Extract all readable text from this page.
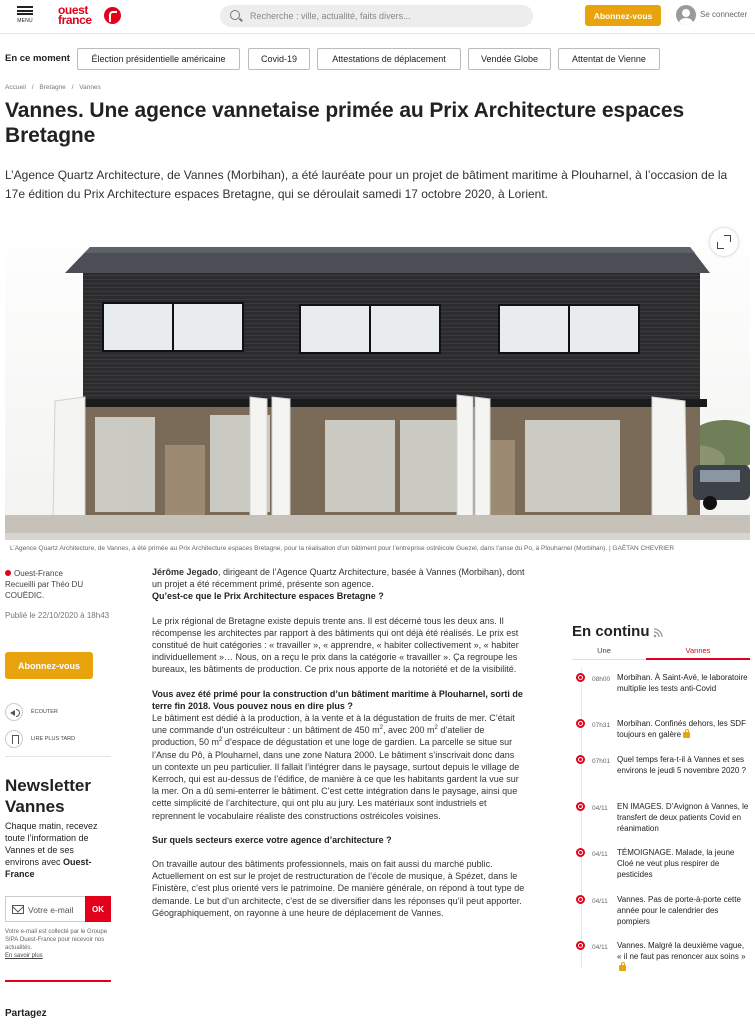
MENU
ouest
france
Recherche : ville, actualité, faits divers...	Abonnez-vous	Se connecter
En ce moment	Élection présidentielle américaine	Covid-19	Attestations de déplacement	Vendée Globe	Attentat de Vienne
Accueil / Bretagne / Vannes
Vannes. Une agence vannetaise primée au Prix Architecture espaces Bretagne
L’Agence Quartz Architecture, de Vannes (Morbihan), a été lauréate pour un projet de bâtiment maritime à Plouharnel, à l’occasion de la 17e édition du Prix Architecture espaces Bretagne, qui se déroulait samedi 17 octobre 2020, à Lorient.
L’Agence Quartz Architecture, de Vannes, a été primée au Prix Architecture espaces Bretagne, pour la réalisation d’un bâtiment pour l’entreprise ostréicole Guezel, dans l’anse du Po, à Plouharnel (Morbihan). | GAËTAN CHEVRIER
Ouest-France
Recueilli par Théo DU COUËDIC.
Publié le 22/10/2020 à 18h43
Abonnez-vous
ÉCOUTER
LIRE PLUS TARD
Newsletter
Vannes
Chaque matin, recevez toute l’information de Vannes et de ses environs avec Ouest-France
Votre e-mail
OK
Votre e-mail est collecté par le Groupe SIPA Ouest-France pour recevoir nos actualités.
En savoir plus
Partagez

Jérôme Jegado, dirigeant de l’Agence Quartz Architecture, basée à Vannes (Morbihan), dont un projet a été récemment primé, présente son agence.

Qu’est-ce que le Prix Architecture espaces Bretagne ?

Le prix régional de Bretagne existe depuis trente ans. Il est décerné tous les deux ans. Il récompense les architectes par rapport à des bâtiments qui ont déjà été réalisés. Le prix est constitué de huit catégories : « travailler », « apprendre, « habiter collectivement », « habiter individuellement »… Nous, on a reçu le prix dans la catégorie « travailler ». Ça regroupe les bureaux, les bâtiments de production. Ce prix nous apporte de la notoriété et de la visibilité.

Vous avez été primé pour la construction d’un bâtiment maritime à Plouharnel, sorti de terre fin 2018. Vous pouvez nous en dire plus ?

Le bâtiment est dédié à la production, à la vente et à la dégustation de fruits de mer. C’était une commande d’un ostréiculteur : un bâtiment de 450 $m^2$, avec 200 $m^2$ d’atelier de production, 50 $m^2$ d’espace de dégustation et une loge de gardien. La parcelle se situe sur l’Anse du Pô, à Plouharnel, dans une zone Natura 2000. Le bâtiment s’inscrivait donc dans un contexte un peu particulier. Il fallait l’intégrer dans le paysage, surtout depuis le village de Kerroch, qui est au-dessus de l’édifice, de manière à ce que les habitants gardent la vue sur la mer. On a dû semi-enterrer le bâtiment. C’est cette intégration dans le paysage, ainsi que cette simplicité de l’architecture, qui ont plu au jury. Les matériaux sont industriels et reprennent le vocabulaire réaliste des constructions ostréicoles voisines.

Sur quels secteurs exerce votre agence d’architecture ?

On travaille autour des bâtiments professionnels, mais on fait aussi du marché public. Actuellement on est sur le projet de restructuration de l’école de musique, à Spézet, dans le Finistère, c’est plus orienté vers le patrimoine. De manière générale, on répond à tout type de demande. Le but d’un architecte, c’est de se diversifier dans les réponses qu’il peut apporter. Géographiquement, on rayonne à une heure de déplacement de Vannes.

En continu
Une	Vannes
08h00 Morbihan. À Saint-Avé, le laboratoire multiplie les tests anti-Covid
07h31 Morbihan. Confinés dehors, les SDF toujours en galère
07h01 Quel temps fera-t-il à Vannes et ses environs le jeudi 5 novembre 2020 ?
04/11 EN IMAGES. D’Avignon à Vannes, le transfert de deux patients Covid en réanimation
04/11 TÉMOIGNAGE. Malade, la jeune Cloé ne veut plus respirer de pesticides
04/11 Vannes. Pas de porte-à-porte cette année pour le calendrier des pompiers
04/11 Vannes. Malgré la deuxième vague, « il ne faut pas renoncer aux soins »
